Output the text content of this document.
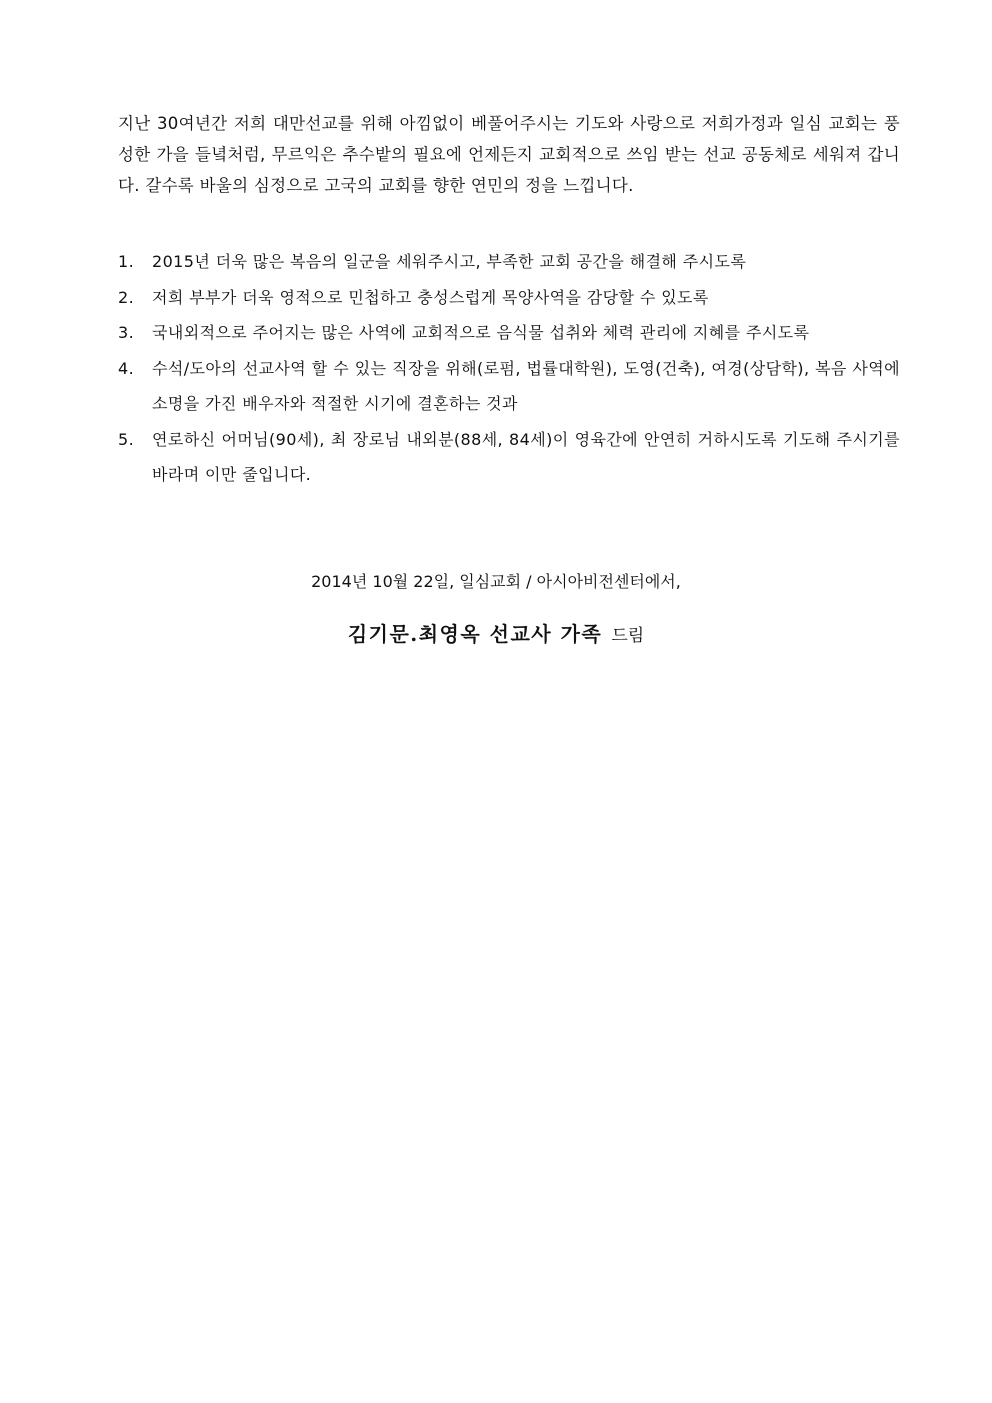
지난 30여년간 저희 대만선교를 위해 아낌없이 베풀어주시는 기도와 사랑으로 저희가정과 일심 교회는 풍성한 가을 들녘처럼, 무르익은 추수밭의 필요에 언제든지 교회적으로 쓰임 받는 선교 공동체로 세워져 갑니다. 갈수록 바울의 심정으로 고국의 교회를 향한 연민의 정을 느낍니다.

1.	2015년 더욱 많은 복음의 일군을 세워주시고, 부족한 교회 공간을 해결해 주시도록
2.	저희 부부가 더욱 영적으로 민첩하고 충성스럽게 목양사역을 감당할 수 있도록
3.	국내외적으로 주어지는 많은 사역에 교회적으로 음식물 섭취와 체력 관리에 지혜를 주시도록
4.	수석/도아의 선교사역 할 수 있는 직장을 위해(로펌, 법률대학원), 도영(건축), 여경(상담학), 복음 사역에 소명을 가진 배우자와 적절한 시기에 결혼하는 것과
5.	연로하신 어머님(90세), 최 장로님 내외분(88세, 84세)이 영육간에 안연히 거하시도록 기도해 주시기를 바라며 이만 줄입니다.

2014년 10월 22일, 일심교회 / 아시아비전센터에서,

김기문.최영옥 선교사 가족 드림
